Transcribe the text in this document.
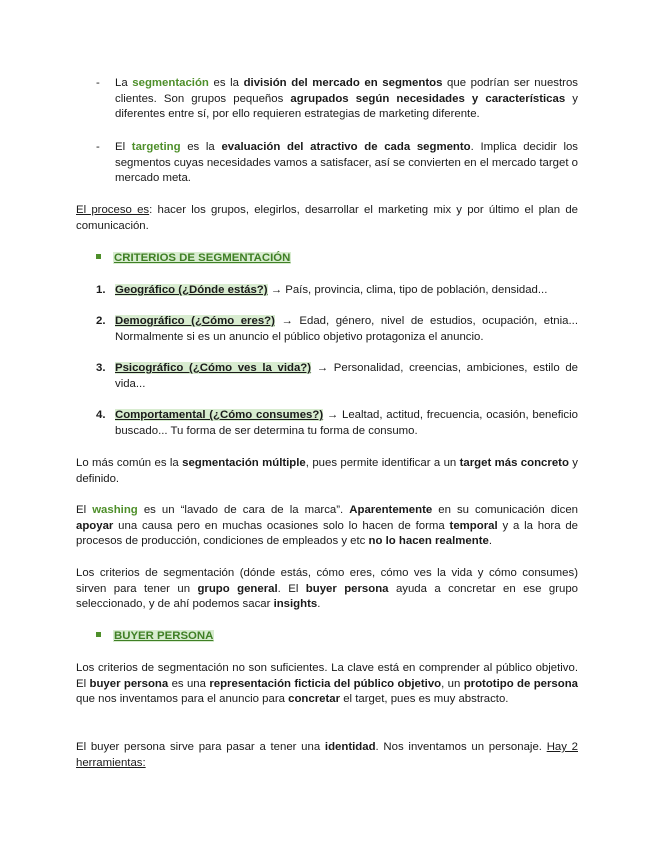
- La segmentación es la división del mercado en segmentos que podrían ser nuestros clientes. Son grupos pequeños agrupados según necesidades y características y diferentes entre sí, por ello requieren estrategias de marketing diferente.

- El targeting es la evaluación del atractivo de cada segmento. Implica decidir los segmentos cuyas necesidades vamos a satisfacer, así se convierten en el mercado target o mercado meta.

El proceso es: hacer los grupos, elegirlos, desarrollar el marketing mix y por último el plan de comunicación.

CRITERIOS DE SEGMENTACIÓN
1. Geográfico (¿Dónde estás?) → País, provincia, clima, tipo de población, densidad...

2. Demográfico (¿Cómo eres?) → Edad, género, nivel de estudios, ocupación, etnia... Normalmente si es un anuncio el público objetivo protagoniza el anuncio.

3. Psicográfico (¿Cómo ves la vida?) → Personalidad, creencias, ambiciones, estilo de vida...

4. Comportamental (¿Cómo consumes?) → Lealtad, actitud, frecuencia, ocasión, beneficio buscado... Tu forma de ser determina tu forma de consumo.

Lo más común es la segmentación múltiple, pues permite identificar a un target más concreto y definido.

El washing es un “lavado de cara de la marca”. Aparentemente en su comunicación dicen apoyar una causa pero en muchas ocasiones solo lo hacen de forma temporal y a la hora de procesos de producción, condiciones de empleados y etc no lo hacen realmente.

Los criterios de segmentación (dónde estás, cómo eres, cómo ves la vida y cómo consumes) sirven para tener un grupo general. El buyer persona ayuda a concretar en ese grupo seleccionado, y de ahí podemos sacar insights.

BUYER PERSONA

Los criterios de segmentación no son suficientes. La clave está en comprender al público objetivo. El buyer persona es una representación ficticia del público objetivo, un prototipo de persona que nos inventamos para el anuncio para concretar el target, pues es muy abstracto.

El buyer persona sirve para pasar a tener una identidad. Nos inventamos un personaje. Hay 2 herramientas:
